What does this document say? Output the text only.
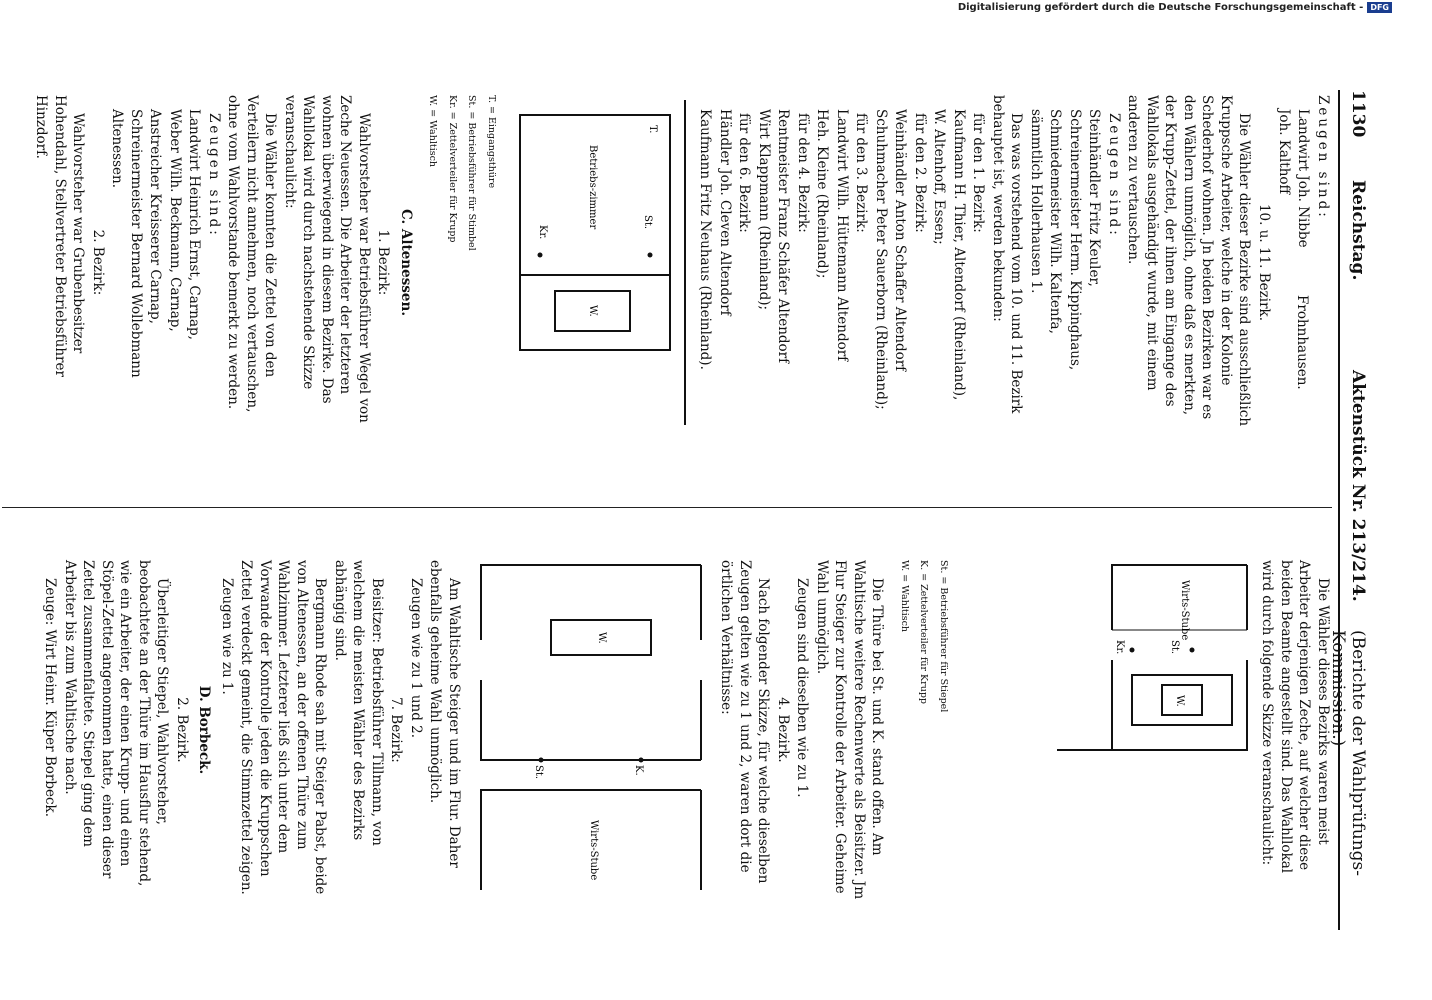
Digitalisierung gefördert durch die Deutsche Forschungsgemeinschaft - DFG
1130
Reichstag.
Aktenstück Nr. 213/214.
(Berichte der Wahlprüfungs-Kommission.)

Zeugen sind:

Landwirt Joh. Nibbe

Joh. Kalthoff

Frohnhausen.

10. u. 11. Bezirk.

Die Wähler dieser Bezirke sind ausschließlich Kruppsche Arbeiter, welche in der Kolonie Schederhof wohnen. Jn beiden Bezirken war es den Wählern unmöglich, ohne daß es merkten, der Krupp-Zettel, der ihnen am Eingange des Wahllokals ausgehändigt wurde, mit einem anderen zu vertauschen.

Zeugen sind:

Steinhändler Fritz Keuler,

Schreinermeister Herm. Kippinghaus,

Schmiedemeister Wilh. Kaltenfa,

sämmtlich Hollerhausen 1.

Das was vorstehend vom 10. und 11. Bezirk behauptet ist, werden bekunden:

für den 1. Bezirk:

Kaufmann H. Thier, Altendorf (Rheinland),

W. Altenhoff, Essen;

für den 2. Bezirk:

Weinhändler Anton Schaffer Altendorf

Schuhmacher Peter Sauerborn (Rheinland);

für den 3. Bezirk:

Landwirt Wilh. Hüttemann Altendorf

Heh. Kleine (Rheinland);

für den 4. Bezirk:

Rentmeister Franz Schäfer Altendorf

Wirt Klappmann (Rheinland);

für den 6. Bezirk:

Händler Joh. Cleven Altendorf

Kaufmann Fritz Neuhaus (Rheinland).

St.
T.
W.
Kr.
Betriebs-zimmer

T. = Eingangsthüre

St. = Betriebsführer für Stimbel

Kr. = Zettelverteiler für Krupp

W. = Wahltisch

C. Altenessen.

1. Bezirk:

Wahlvorsteher war Betriebsführer Wegel von Zeche Neuessen. Die Arbeiter der letzteren wohnen überwiegend in diesem Bezirke. Das Wahllokal wird durch nachstehende Skizze veranschaulicht:

Die Wähler konnten die Zettel von den Verteilern nicht annehmen, noch vertauschen, ohne vom Wahlvorstande bemerkt zu werden.

Zeugen sind:

Landwirt Heinrich Ernst, Carnap,

Weber Wilh. Beckmann, Carnap,

Anstreicher Kreisserer Carnap,

Schreinermeister Bernard Wollebmann Altenessen.

2. Bezirk:

Wahlvorsteher war Grubenbesitzer Hohendahl, Stellvertreter Betriebsführer Hinzdorf.

Die Wähler dieses Bezirks waren meist Arbeiter derjenigen Zeche, auf welcher diese beiden Beamte angestellt sind. Das Wahllokal wird durch folgende Skizze veranschaulicht:

St.
Kr.
W.
Wirts-Stube

St. = Betriebsführer für Stiepel

K. = Zettelverteiler für Krupp

W. = Wahltisch

Die Thüre bei St. und K. stand offen. Am Wahltische weitere Rechenwerte als Beisitzer. Jm Flur Steiger zur Kontrolle der Arbeiter. Geheime Wahl unmöglich.

Zeugen sind dieselben wie zu 1.

4. Bezirk.

Nach folgender Skizze, für welche dieselben Zeugen gelten wie zu 1 und 2, waren dort die örtlichen Verhältnisse:

K.
St.
W.
Wirts-Stube

Am Wahltische Steiger und im Flur. Daher ebenfalls geheime Wahl unmöglich.

Zeugen wie zu 1 und 2.

7. Bezirk:

Beisitzer: Betriebsführer Tillmann, von welchem die meisten Wähler des Bezirks abhängig sind.

Bergmann Rhode sah mit Steiger Pabst, beide von Altenessen, an der offenen Thüre zum Wahlzimmer. Letzterer ließ sich unter dem Vorwande der Kontrolle jeden die Kruppschen Zettel verdeckt gemeint, die Stimmzettel zeigen.

Zeugen wie zu 1.

D. Borbeck.

2. Bezirk.

Überleitiger Stiepel, Wahlvorsteher, beobachtete an der Thüre im Hausflur stehend, wie ein Arbeiter, der einen Krupp- und einen Stöpel-Zettel angenommen hatte, einen dieser Zettel zusammenfaltete. Stiepel ging dem Arbeiter bis zum Wahltische nach.

Zeuge: Wirt Heinr. Küper Borbeck.
